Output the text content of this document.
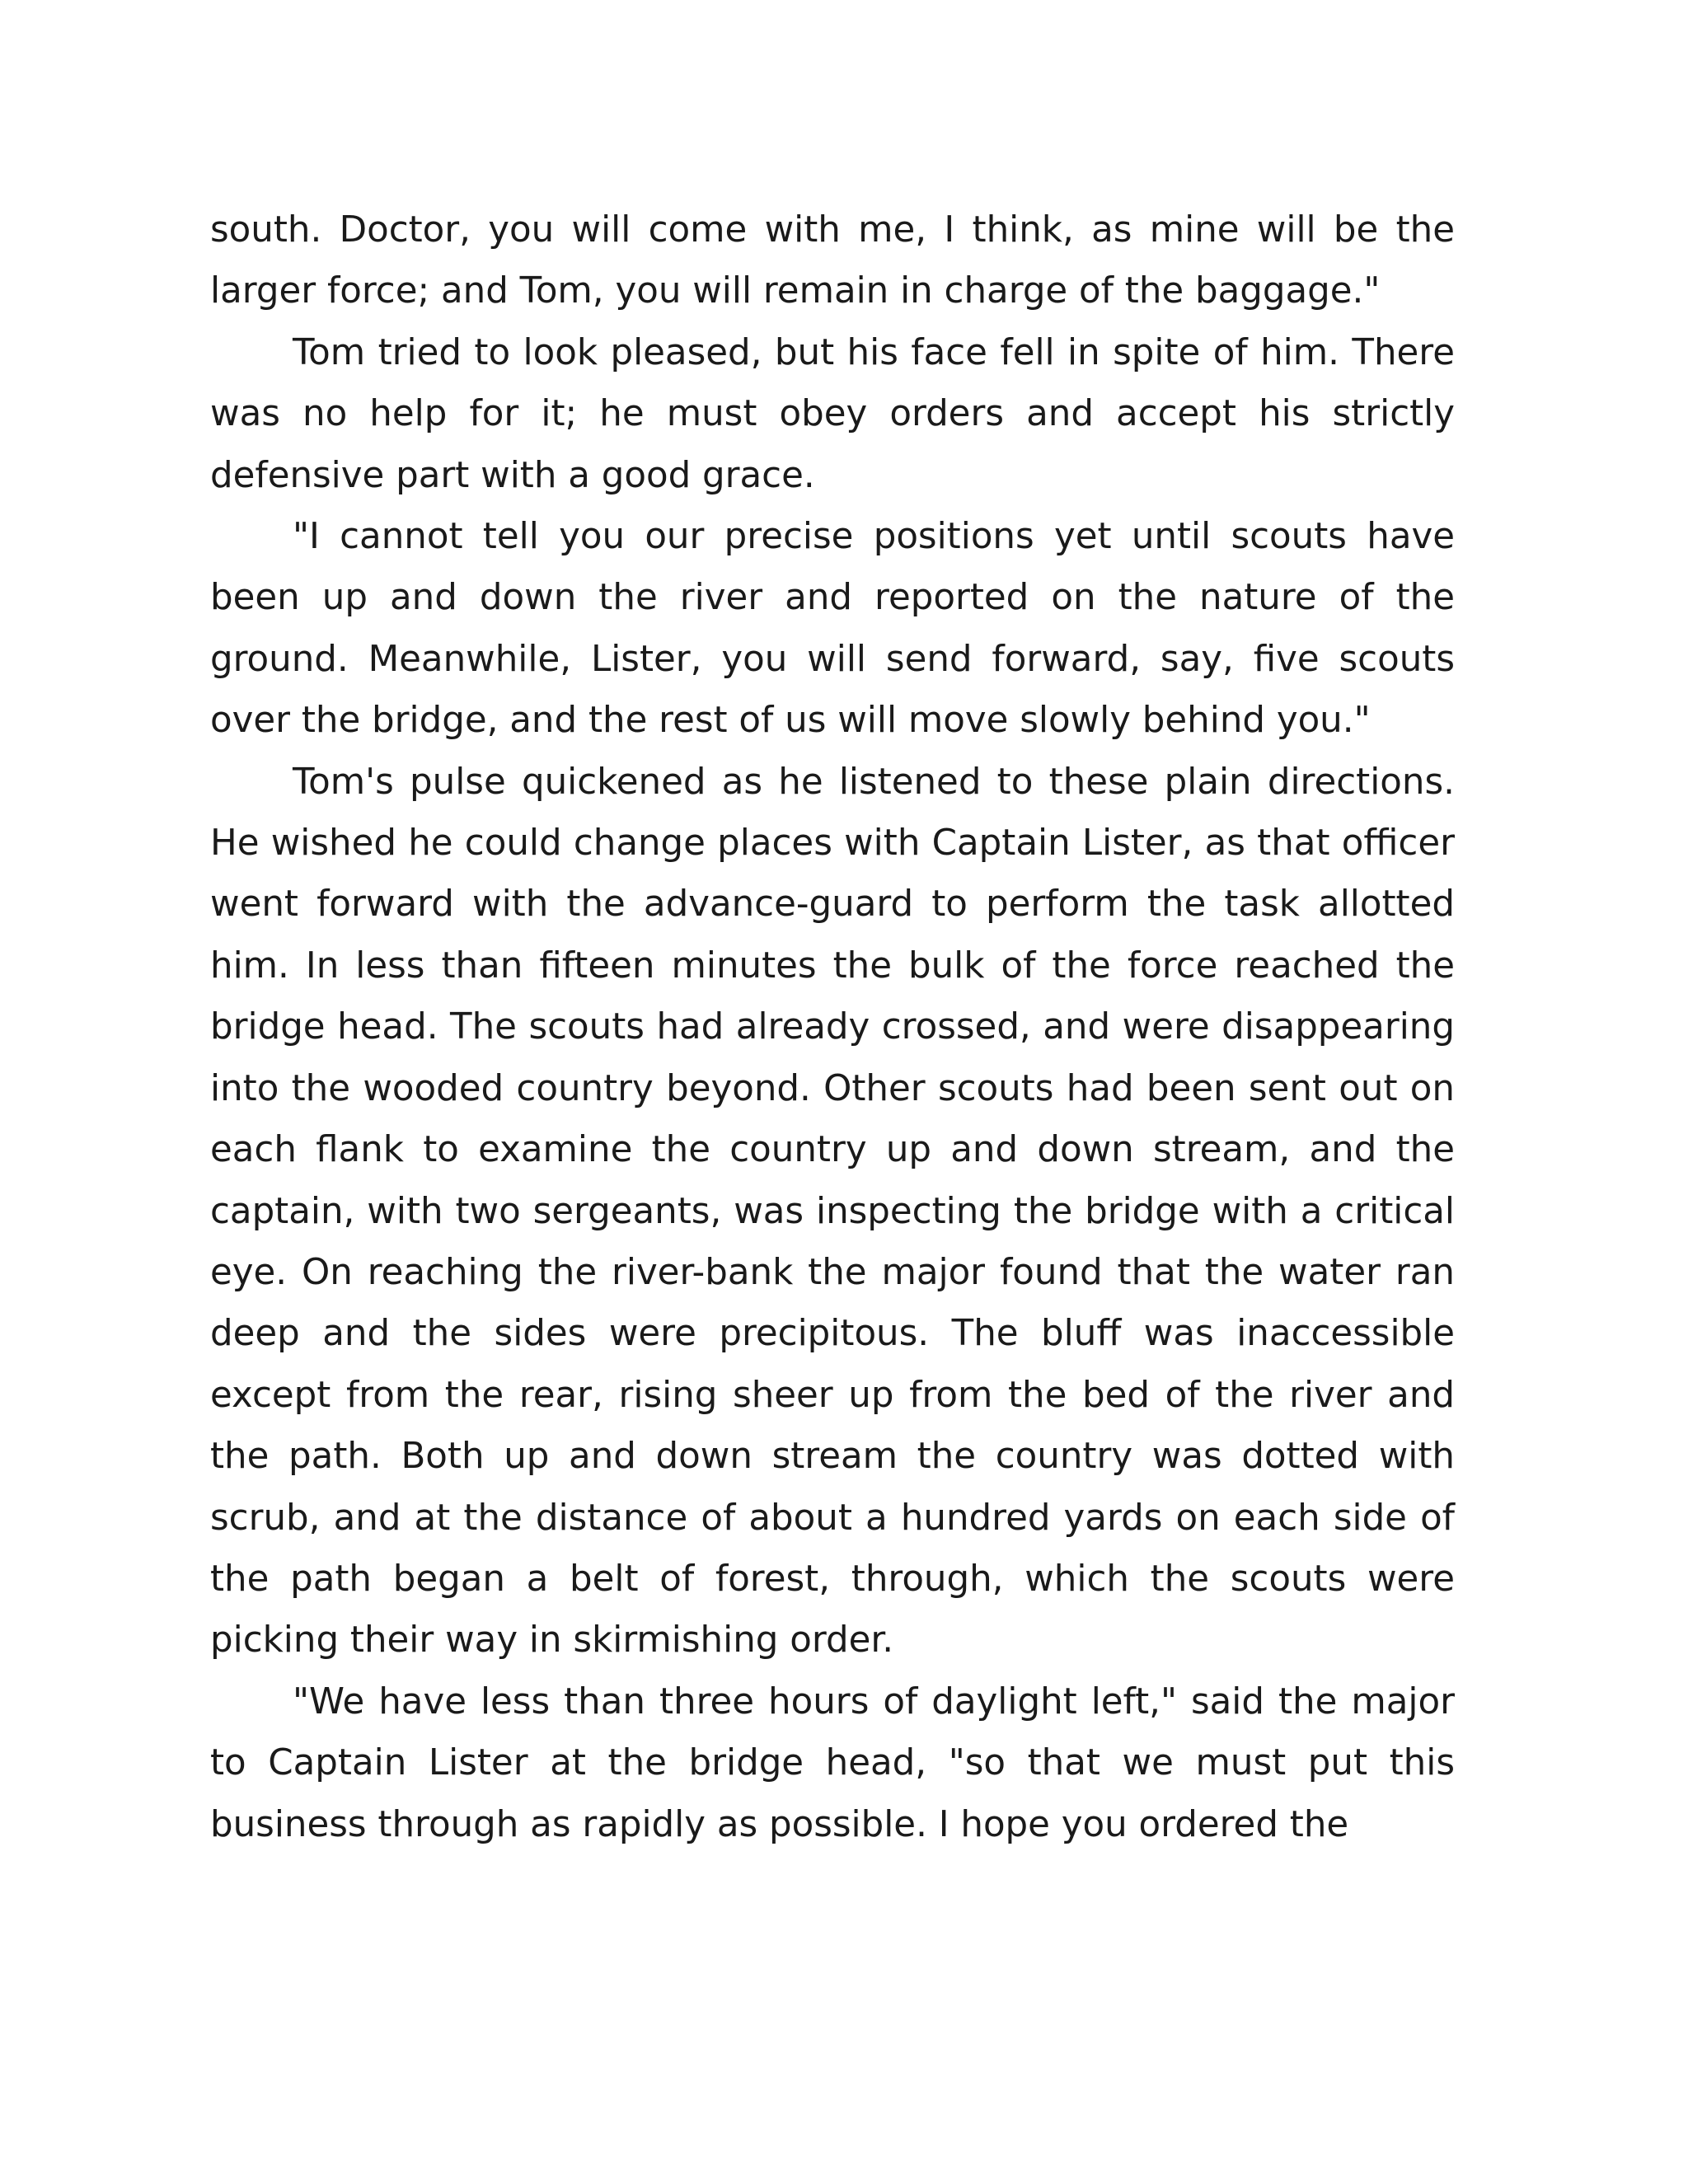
south. Doctor, you will come with me, I think, as mine will be the larger force; and Tom, you will remain in charge of the baggage."

Tom tried to look pleased, but his face fell in spite of him. There was no help for it; he must obey orders and accept his strictly defensive part with a good grace.

"I cannot tell you our precise positions yet until scouts have been up and down the river and reported on the nature of the ground. Meanwhile, Lister, you will send forward, say, five scouts over the bridge, and the rest of us will move slowly behind you."

Tom's pulse quickened as he listened to these plain directions. He wished he could change places with Captain Lister, as that officer went forward with the advance-guard to perform the task allotted him. In less than fifteen minutes the bulk of the force reached the bridge head. The scouts had already crossed, and were disappearing into the wooded country beyond. Other scouts had been sent out on each flank to examine the country up and down stream, and the captain, with two sergeants, was inspecting the bridge with a critical eye. On reaching the river-bank the major found that the water ran deep and the sides were precipitous. The bluff was inaccessible except from the rear, rising sheer up from the bed of the river and the path. Both up and down stream the country was dotted with scrub, and at the distance of about a hundred yards on each side of the path began a belt of forest, through, which the scouts were picking their way in skirmishing order.

"We have less than three hours of daylight left," said the major to Captain Lister at the bridge head, "so that we must put this business through as rapidly as possible. I hope you ordered the
